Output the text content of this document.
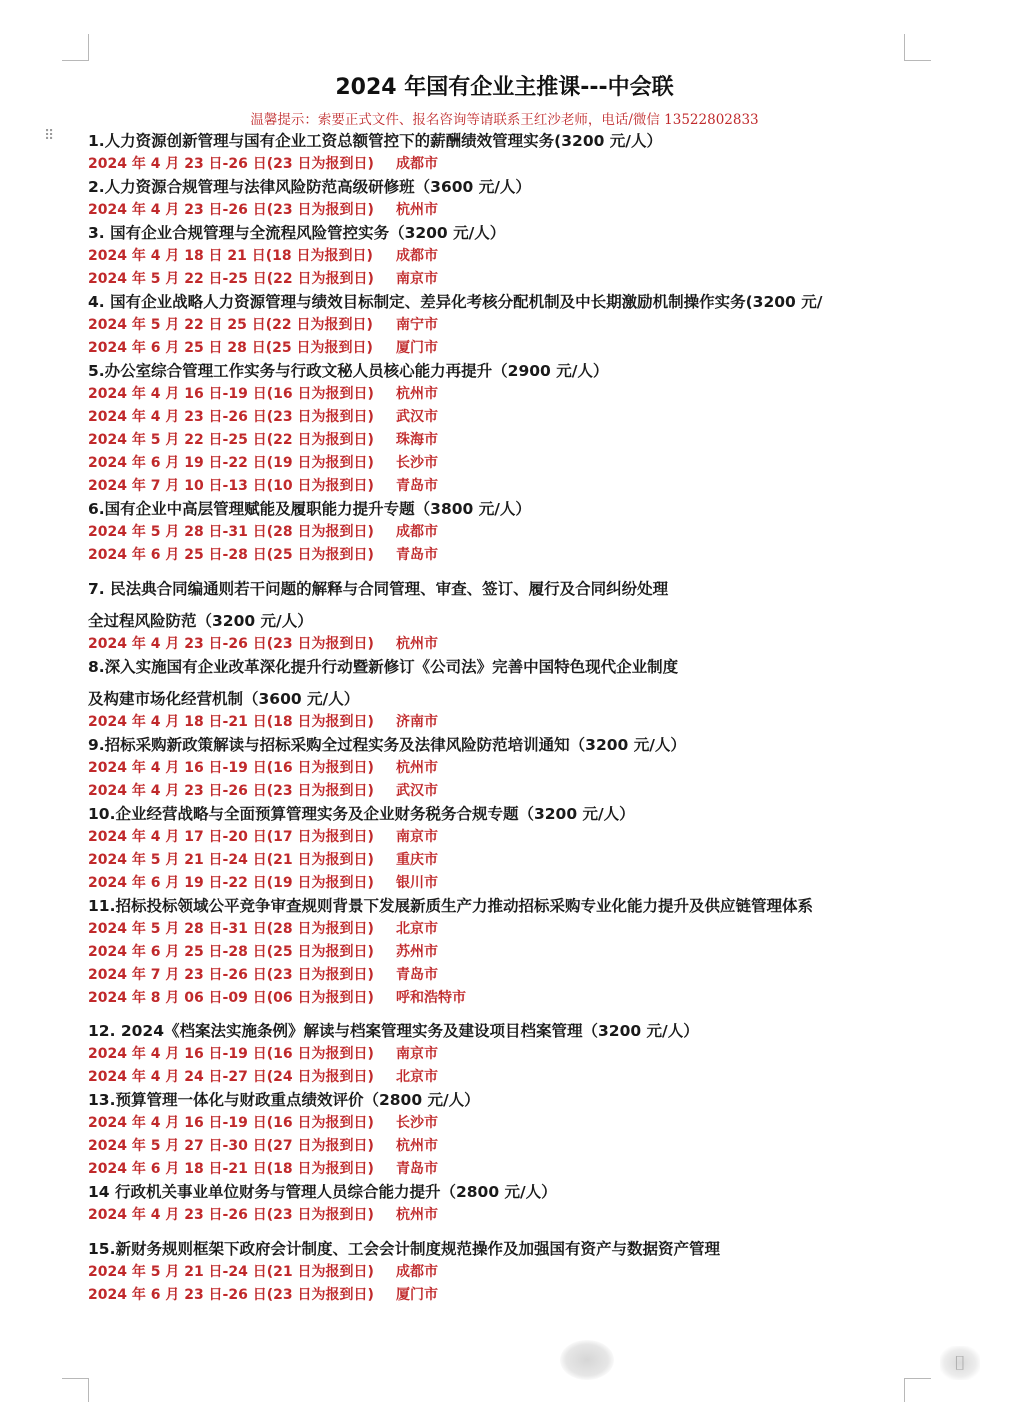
⠿
2024 年国有企业主推课---中会联
温馨提示：索要正式文件、报名咨询等请联系王红沙老师，电话/微信 13522802833
1.人力资源创新管理与国有企业工资总额管控下的薪酬绩效管理实务(3200 元/人）
2024 年 4 月 23 日-26 日(23 日为报到日) 成都市
2.人力资源合规管理与法律风险防范高级研修班（3600 元/人）
2024 年 4 月 23 日-26 日(23 日为报到日) 杭州市
3. 国有企业合规管理与全流程风险管控实务（3200 元/人）
2024 年 4 月 18 日 21 日(18 日为报到日) 成都市
2024 年 5 月 22 日-25 日(22 日为报到日) 南京市
4. 国有企业战略人力资源管理与绩效目标制定、差异化考核分配机制及中长期激励机制操作实务(3200 元/
2024 年 5 月 22 日 25 日(22 日为报到日) 南宁市
2024 年 6 月 25 日 28 日(25 日为报到日) 厦门市
5.办公室综合管理工作实务与行政文秘人员核心能力再提升（2900 元/人）
2024 年 4 月 16 日-19 日(16 日为报到日) 杭州市
2024 年 4 月 23 日-26 日(23 日为报到日) 武汉市
2024 年 5 月 22 日-25 日(22 日为报到日) 珠海市
2024 年 6 月 19 日-22 日(19 日为报到日) 长沙市
2024 年 7 月 10 日-13 日(10 日为报到日) 青岛市
6.国有企业中高层管理赋能及履职能力提升专题（3800 元/人）
2024 年 5 月 28 日-31 日(28 日为报到日) 成都市
2024 年 6 月 25 日-28 日(25 日为报到日) 青岛市
7. 民法典合同编通则若干问题的解释与合同管理、审查、签订、履行及合同纠纷处理
全过程风险防范（3200 元/人）
2024 年 4 月 23 日-26 日(23 日为报到日) 杭州市
8.深入实施国有企业改革深化提升行动暨新修订《公司法》完善中国特色现代企业制度
及构建市场化经营机制（3600 元/人）
2024 年 4 月 18 日-21 日(18 日为报到日) 济南市
9.招标采购新政策解读与招标采购全过程实务及法律风险防范培训通知（3200 元/人）
2024 年 4 月 16 日-19 日(16 日为报到日) 杭州市
2024 年 4 月 23 日-26 日(23 日为报到日) 武汉市
10.企业经营战略与全面预算管理实务及企业财务税务合规专题（3200 元/人）
2024 年 4 月 17 日-20 日(17 日为报到日) 南京市
2024 年 5 月 21 日-24 日(21 日为报到日) 重庆市
2024 年 6 月 19 日-22 日(19 日为报到日) 银川市
11.招标投标领域公平竞争审查规则背景下发展新质生产力推动招标采购专业化能力提升及供应链管理体系
2024 年 5 月 28 日-31 日(28 日为报到日) 北京市
2024 年 6 月 25 日-28 日(25 日为报到日) 苏州市
2024 年 7 月 23 日-26 日(23 日为报到日) 青岛市
2024 年 8 月 06 日-09 日(06 日为报到日) 呼和浩特市
12. 2024《档案法实施条例》解读与档案管理实务及建设项目档案管理（3200 元/人）
2024 年 4 月 16 日-19 日(16 日为报到日) 南京市
2024 年 4 月 24 日-27 日(24 日为报到日)北京市
13.预算管理一体化与财政重点绩效评价（2800 元/人）
2024 年 4 月 16 日-19 日(16 日为报到日) 长沙市
2024 年 5 月 27 日-30 日(27 日为报到日) 杭州市
2024 年 6 月 18 日-21 日(18 日为报到日) 青岛市
14 行政机关事业单位财务与管理人员综合能力提升（2800 元/人）
2024 年 4 月 23 日-26 日(23 日为报到日) 杭州市
15.新财务规则框架下政府会计制度、工会会计制度规范操作及加强国有资产与数据资产管理
2024 年 5 月 21 日-24 日(21 日为报到日) 成都市
2024 年 6 月 23 日-26 日(23 日为报到日) 厦门市
⌷
